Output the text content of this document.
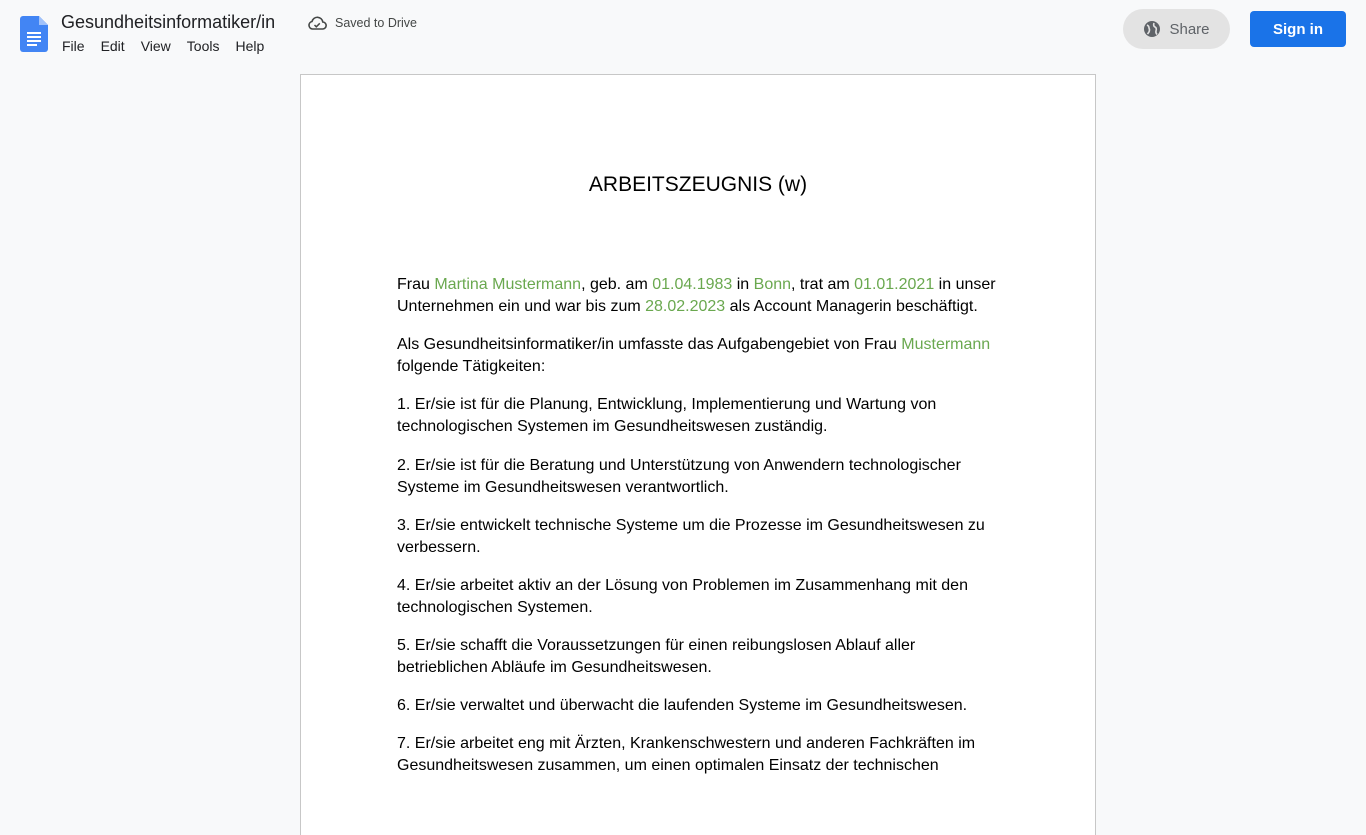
Gesundheitsinformatiker/in	Saved to Drive
File	Edit	View	Tools	Help
Share	Sign in
ARBEITSZEUGNIS (w)

Frau Martina Mustermann, geb. am 01.04.1983 in Bonn, trat am 01.01.2021 in unser Unternehmen ein und war bis zum 28.02.2023 als Account Managerin beschäftigt.

Als Gesundheitsinformatiker/in umfasste das Aufgabengebiet von Frau Mustermann folgende Tätigkeiten:

1. Er/sie ist für die Planung, Entwicklung, Implementierung und Wartung von technologischen Systemen im Gesundheitswesen zuständig.

2. Er/sie ist für die Beratung und Unterstützung von Anwendern technologischer Systeme im Gesundheitswesen verantwortlich.

3. Er/sie entwickelt technische Systeme um die Prozesse im Gesundheitswesen zu verbessern.

4. Er/sie arbeitet aktiv an der Lösung von Problemen im Zusammenhang mit den technologischen Systemen.

5. Er/sie schafft die Voraussetzungen für einen reibungslosen Ablauf aller betrieblichen Abläufe im Gesundheitswesen.

6. Er/sie verwaltet und überwacht die laufenden Systeme im Gesundheitswesen.

7. Er/sie arbeitet eng mit Ärzten, Krankenschwestern und anderen Fachkräften im Gesundheitswesen zusammen, um einen optimalen Einsatz der technischen
